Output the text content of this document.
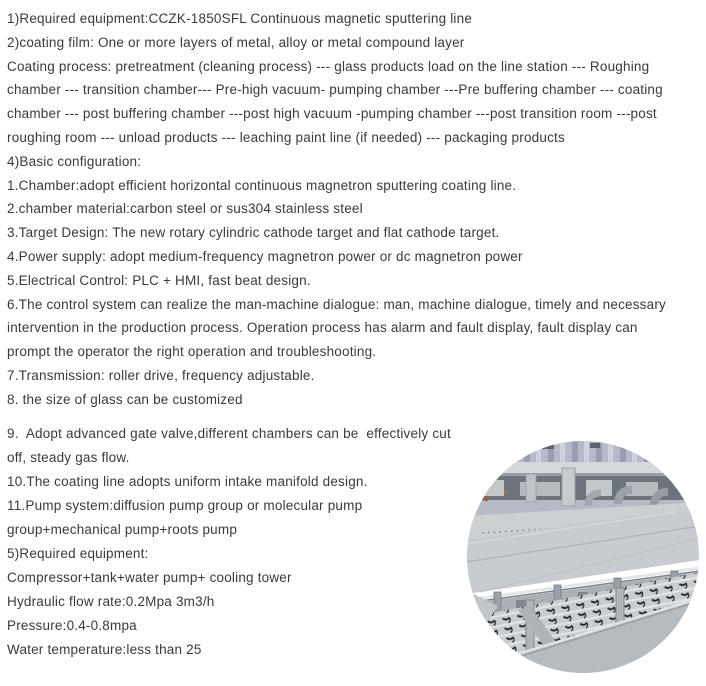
1)Required equipment:CCZK-1850SFL Continuous magnetic sputtering line
2)coating film: One or more layers of metal, alloy or metal compound layer
Coating process: pretreatment (cleaning process) --- glass products load on the line station --- Roughing
chamber --- transition chamber--- Pre-high vacuum- pumping chamber ---Pre buffering chamber --- coating
chamber --- post buffering chamber ---post high vacuum -pumping chamber ---post transition room ---post
roughing room --- unload products --- leaching paint line (if needed) --- packaging products
4)Basic configuration:
1.Chamber:adopt efficient horizontal continuous magnetron sputtering coating line.
2.chamber material:carbon steel or sus304 stainless steel
3.Target Design: The new rotary cylindric cathode target and flat cathode target.
4.Power supply: adopt medium-frequency magnetron power or dc magnetron power
5.Electrical Control: PLC + HMI, fast beat design.
6.The control system can realize the man-machine dialogue: man, machine dialogue, timely and necessary
intervention in the production process. Operation process has alarm and fault display, fault display can
prompt the operator the right operation and troubleshooting.
7.Transmission: roller drive, frequency adjustable.
8. the size of glass can be customized
9.  Adopt advanced gate valve,different chambers can be  effectively cut
off, steady gas flow.
10.The coating line adopts uniform intake manifold design.
11.Pump system:diffusion pump group or molecular pump
group+mechanical pump+roots pump
5)Required equipment:
Compressor+tank+water pump+ cooling tower
Hydraulic flow rate:0.2Mpa 3m3/h
Pressure:0.4-0.8mpa
Water temperature:less than 25
